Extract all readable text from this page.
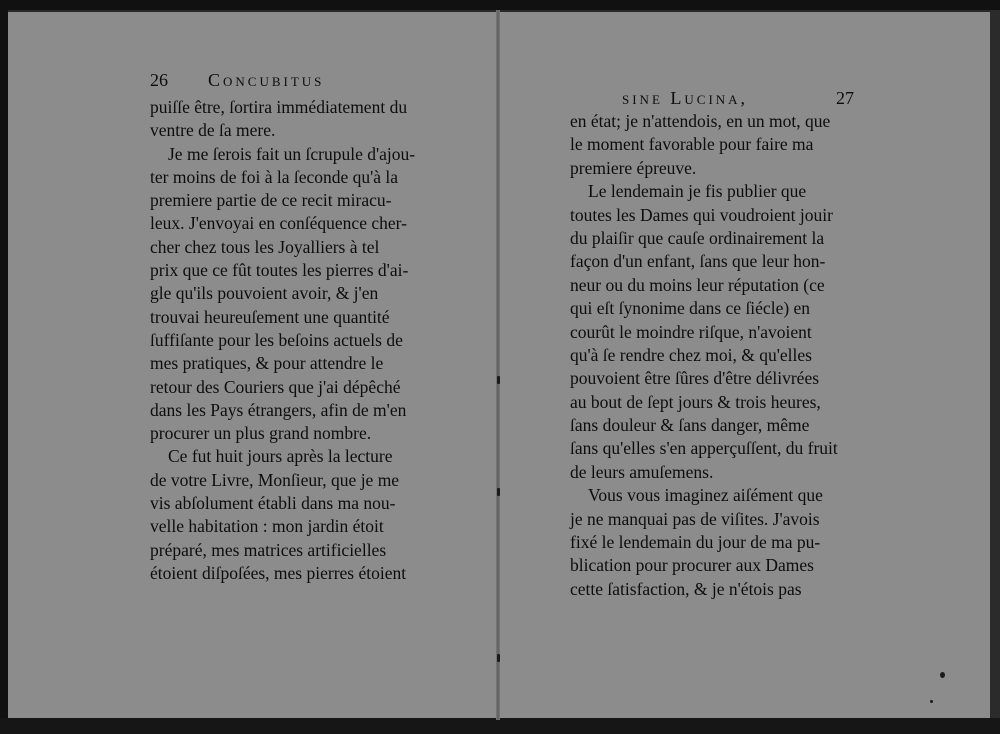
26 Concubitus
puiſſe être, ſortira immédiatement du
ventre de ſa mere.
Je me ſerois fait un ſcrupule d'ajou-
ter moins de foi à la ſeconde qu'à la
premiere partie de ce recit miracu-
leux. J'envoyai en conſéquence cher-
cher chez tous les Joyalliers à tel
prix que ce fût toutes les pierres d'ai-
gle qu'ils pouvoient avoir, & j'en
trouvai heureuſement une quantité
ſuffiſante pour les beſoins actuels de
mes pratiques, & pour attendre le
retour des Couriers que j'ai dépêché
dans les Pays étrangers, afin de m'en
procurer un plus grand nombre.
Ce fut huit jours après la lecture
de votre Livre, Monſieur, que je me
vis abſolument établi dans ma nou-
velle habitation : mon jardin étoit
préparé, mes matrices artificielles
étoient diſpoſées, mes pierres étoient
sine Lucina,	27
en état; je n'attendois, en un mot, que
le moment favorable pour faire ma
premiere épreuve.
Le lendemain je fis publier que
toutes les Dames qui voudroient jouir
du plaiſir que cauſe ordinairement la
façon d'un enfant, ſans que leur hon-
neur ou du moins leur réputation (ce
qui eſt ſynonime dans ce ſiécle) en
courût le moindre riſque, n'avoient
qu'à ſe rendre chez moi, & qu'elles
pouvoient être ſûres d'être délivrées
au bout de ſept jours & trois heures,
ſans douleur & ſans danger, même
ſans qu'elles s'en apperçuſſent, du fruit
de leurs amuſemens.
Vous vous imaginez aiſément que
je ne manquai pas de viſites. J'avois
fixé le lendemain du jour de ma pu-
blication pour procurer aux Dames
cette ſatisfaction, & je n'étois pas
